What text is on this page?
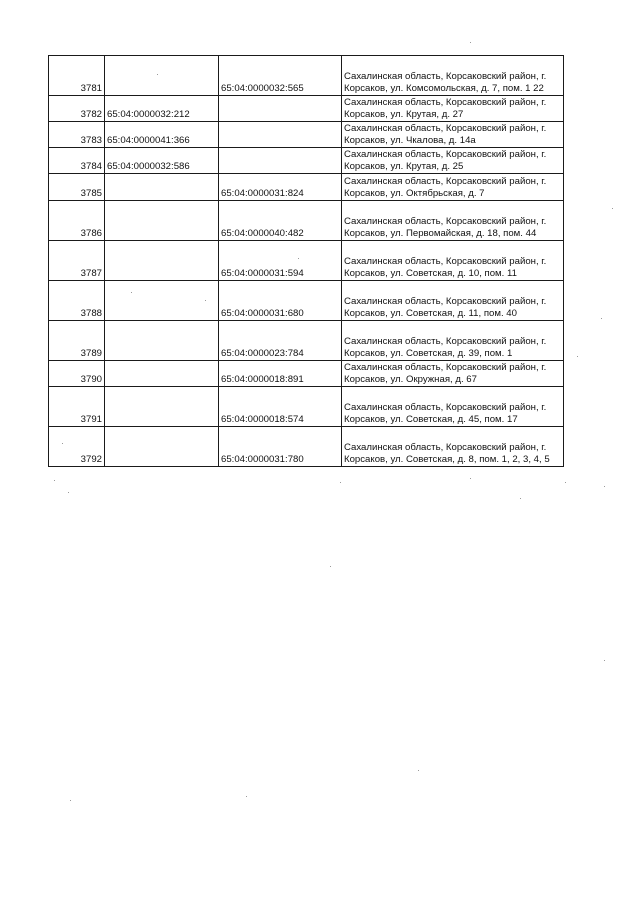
3781		65:04:0000032:565	Сахалинская область, Корсаковский район, г.
Корсаков, ул. Комсомольская, д. 7, пом. 1 22

3782	65:04:0000032:212		Сахалинская область, Корсаковский район, г.
Корсаков, ул. Крутая, д. 27

3783	65:04:0000041:366		Сахалинская область, Корсаковский район, г.
Корсаков, ул. Чкалова, д. 14а

3784	65:04:0000032:586		Сахалинская область, Корсаковский район, г.
Корсаков, ул. Крутая, д. 25

3785		65:04:0000031:824	Сахалинская область, Корсаковский район, г.
Корсаков, ул. Октябрьская, д. 7

3786		65:04:0000040:482	Сахалинская область, Корсаковский район, г.
Корсаков, ул. Первомайская, д. 18, пом. 44

3787		65:04:0000031:594	Сахалинская область, Корсаковский район, г.
Корсаков, ул. Советская, д. 10, пом. 11

3788		65:04:0000031:680	Сахалинская область, Корсаковский район, г.
Корсаков, ул. Советская, д. 11, пом. 40

3789		65:04:0000023:784	Сахалинская область, Корсаковский район, г.
Корсаков, ул. Советская, д. 39, пом. 1

3790		65:04:0000018:891	Сахалинская область, Корсаковский район, г.
Корсаков, ул. Окружная, д. 67

3791		65:04:0000018:574	Сахалинская область, Корсаковский район, г.
Корсаков, ул. Советская, д. 45, пом. 17

3792		65:04:0000031:780	Сахалинская область, Корсаковский район, г.
Корсаков, ул. Советская, д. 8, пом. 1, 2, 3, 4, 5
